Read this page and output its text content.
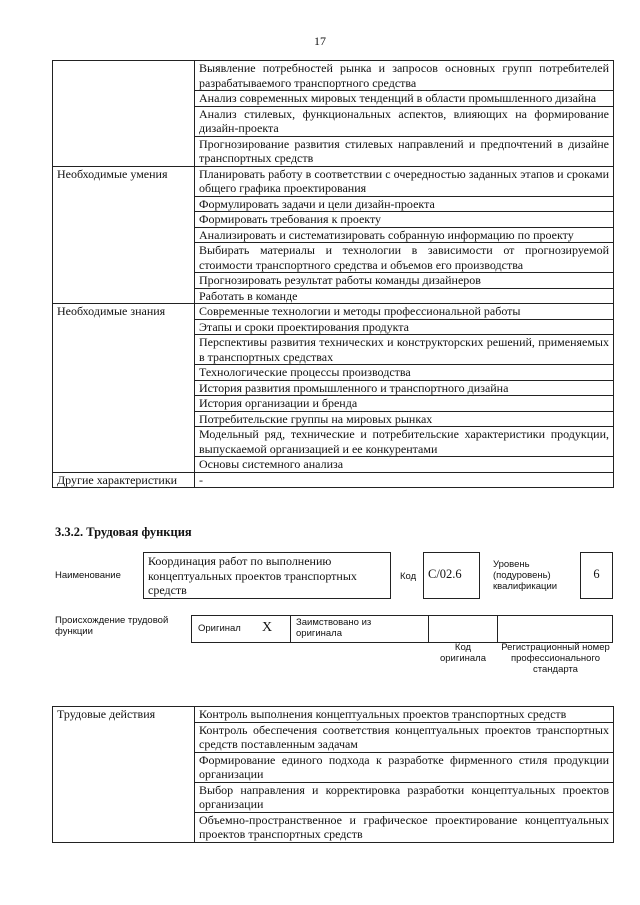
17
	Выявление потребностей рынка и запросов основных групп потребителей разрабатываемого транспортного средства
	Анализ современных мировых тенденций в области промышленного дизайна
	Анализ стилевых, функциональных аспектов, влияющих на формирование дизайн-проекта
	Прогнозирование развития стилевых направлений и предпочтений в дизайне транспортных средств
Необходимые умения	Планировать работу в соответствии с очередностью заданных этапов и сроками общего графика проектирования
	Формулировать задачи и цели дизайн-проекта
	Формировать требования к проекту
	Анализировать и систематизировать собранную информацию по проекту
	Выбирать материалы и технологии в зависимости от прогнозируемой стоимости транспортного средства и объемов его производства
	Прогнозировать результат работы команды дизайнеров
	Работать в команде
Необходимые знания	Современные технологии и методы профессиональной работы
	Этапы и сроки проектирования продукта
	Перспективы развития технических и конструкторских решений, применяемых в транспортных средствах
	Технологические процессы производства
	История развития промышленного и транспортного дизайна
	История организации и бренда
	Потребительские группы на мировых рынках
	Модельный ряд, технические и потребительские характеристики продукции, выпускаемой организацией и ее конкурентами
	Основы системного анализа
Другие характеристики	-
3.3.2. Трудовая функция
Наименование
Координация работ по выполнению концептуальных проектов транспортных средств
Код С/02.6
Уровень (подуровень) квалификации
6
Происхождение трудовой функции	Оригинал X	Заимствовано из оригинала
Код оригинала
Регистрационный номер профессионального стандарта
Трудовые действия	Контроль выполнения концептуальных проектов транспортных средств
Контроль обеспечения соответствия концептуальных проектов транспортных средств поставленным задачам
Формирование единого подхода к разработке фирменного стиля продукции организации
Выбор направления и корректировка разработки концептуальных проектов организации
Объемно-пространственное и графическое проектирование концептуальных проектов транспортных средств
